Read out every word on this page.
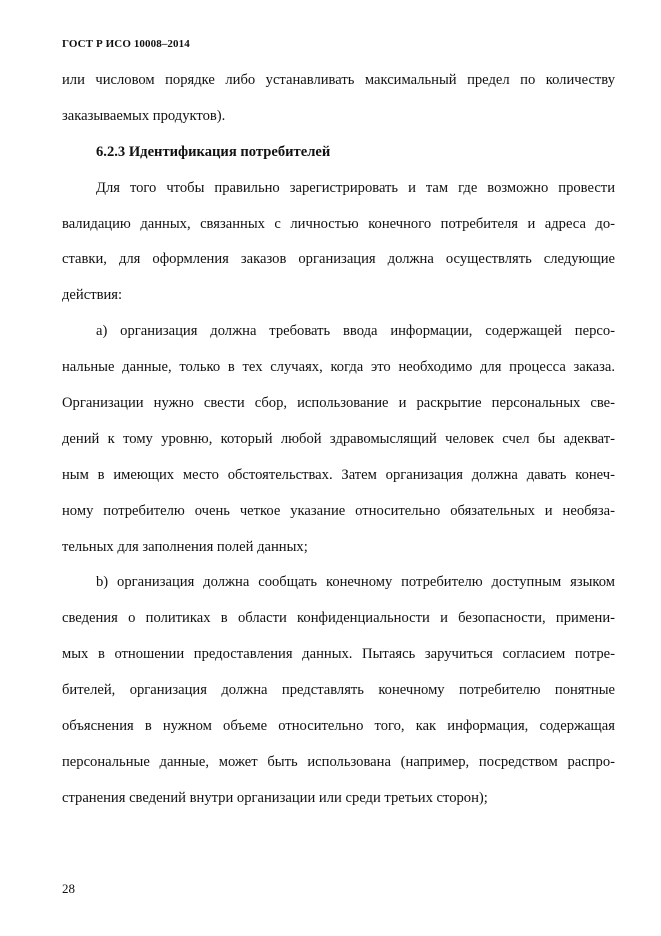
ГОСТ Р ИСО 10008–2014
или числовом порядке либо устанавливать максимальный предел по количеству
заказываемых продуктов).
6.2.3 Идентификация потребителей
Для того чтобы правильно зарегистрировать и там где возможно провести
валидацию данных, связанных с личностью конечного потребителя и адреса до-
ставки, для оформления заказов организация должна осуществлять следующие
действия:
а) организация должна требовать ввода информации, содержащей персо-
нальные данные, только в тех случаях, когда это необходимо для процесса заказа.
Организации нужно свести сбор, использование и раскрытие персональных све-
дений к тому уровню, который любой здравомыслящий человек счел бы адекват-
ным в имеющих место обстоятельствах. Затем организация должна давать конеч-
ному потребителю очень четкое указание относительно обязательных и необяза-
тельных для заполнения полей данных;
b) организация должна сообщать конечному потребителю доступным языком
сведения о политиках в области конфиденциальности и безопасности, примени-
мых в отношении предоставления данных. Пытаясь заручиться согласием потре-
бителей, организация должна представлять конечному потребителю понятные
объяснения в нужном объеме относительно того, как информация, содержащая
персональные данные, может быть использована (например, посредством распро-
странения сведений внутри организации или среди третьих сторон);
28
